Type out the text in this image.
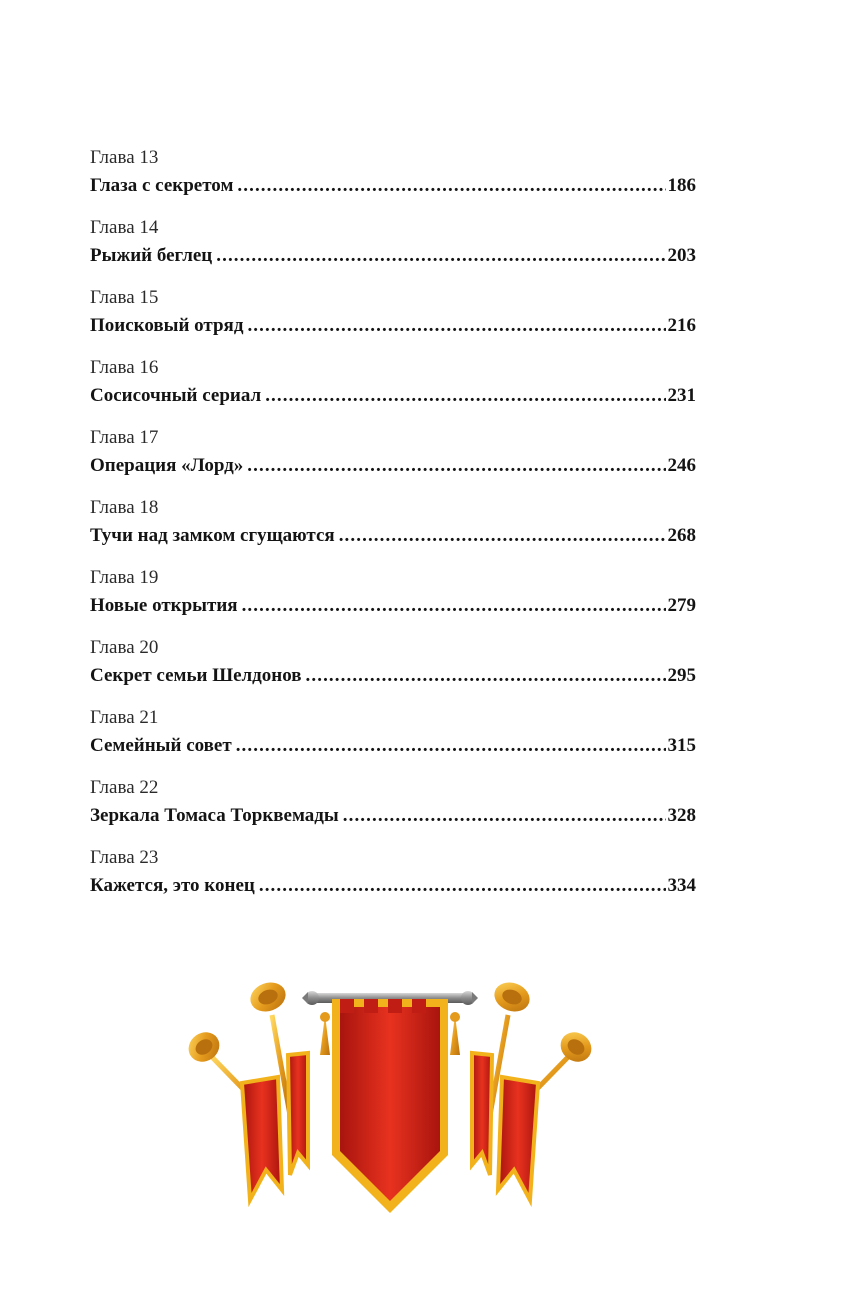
Глава 13
Глаза с секретом .....	186
Глава 14
Рыжий беглец .....	203
Глава 15
Поисковый отряд .....	216
Глава 16
Сосисочный сериал .....	231
Глава 17
Операция «Лорд» .....	246
Глава 18
Тучи над замком сгущаются .....	268
Глава 19
Новые открытия .....	279
Глава 20
Секрет семьи Шелдонов .....	295
Глава 21
Семейный совет .....	315
Глава 22
Зеркала Томаса Торквемады .....	328
Глава 23
Кажется, это конец .....	334
